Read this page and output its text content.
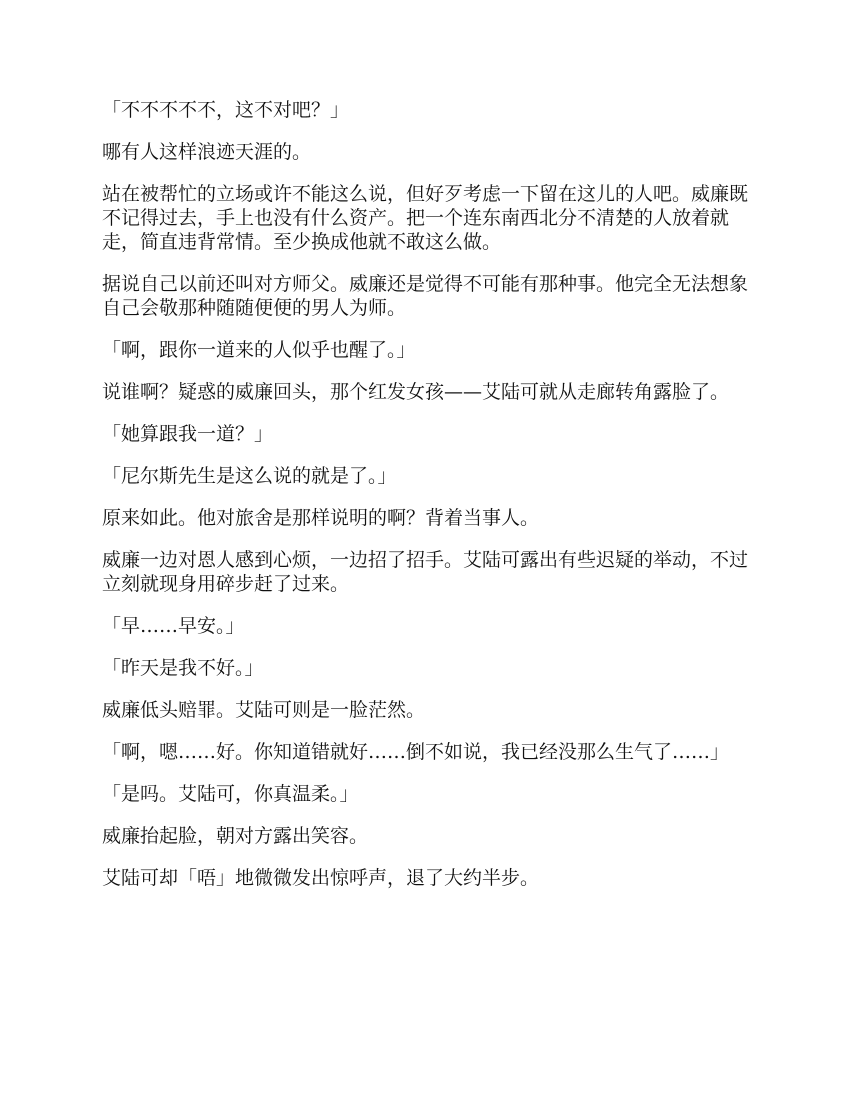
「不不不不不，这不对吧？」

哪有人这样浪迹天涯的。

站在被帮忙的立场或许不能这么说，但好歹考虑一下留在这儿的人吧。威廉既不记得过去，手上也没有什么资产。把一个连东南西北分不清楚的人放着就走，简直违背常情。至少换成他就不敢这么做。

据说自己以前还叫对方师父。威廉还是觉得不可能有那种事。他完全无法想象自己会敬那种随随便便的男人为师。

「啊，跟你一道来的人似乎也醒了。」

说谁啊？疑惑的威廉回头，那个红发女孩——艾陆可就从走廊转角露脸了。

「她算跟我一道？」

「尼尔斯先生是这么说的就是了。」

原来如此。他对旅舍是那样说明的啊？背着当事人。

威廉一边对恩人感到心烦，一边招了招手。艾陆可露出有些迟疑的举动，不过立刻就现身用碎步赶了过来。

「早……早安。」

「昨天是我不好。」

威廉低头赔罪。艾陆可则是一脸茫然。

「啊，嗯……好。你知道错就好……倒不如说，我已经没那么生气了……」

「是吗。艾陆可，你真温柔。」

威廉抬起脸，朝对方露出笑容。

艾陆可却「唔」地微微发出惊呼声，退了大约半步。
